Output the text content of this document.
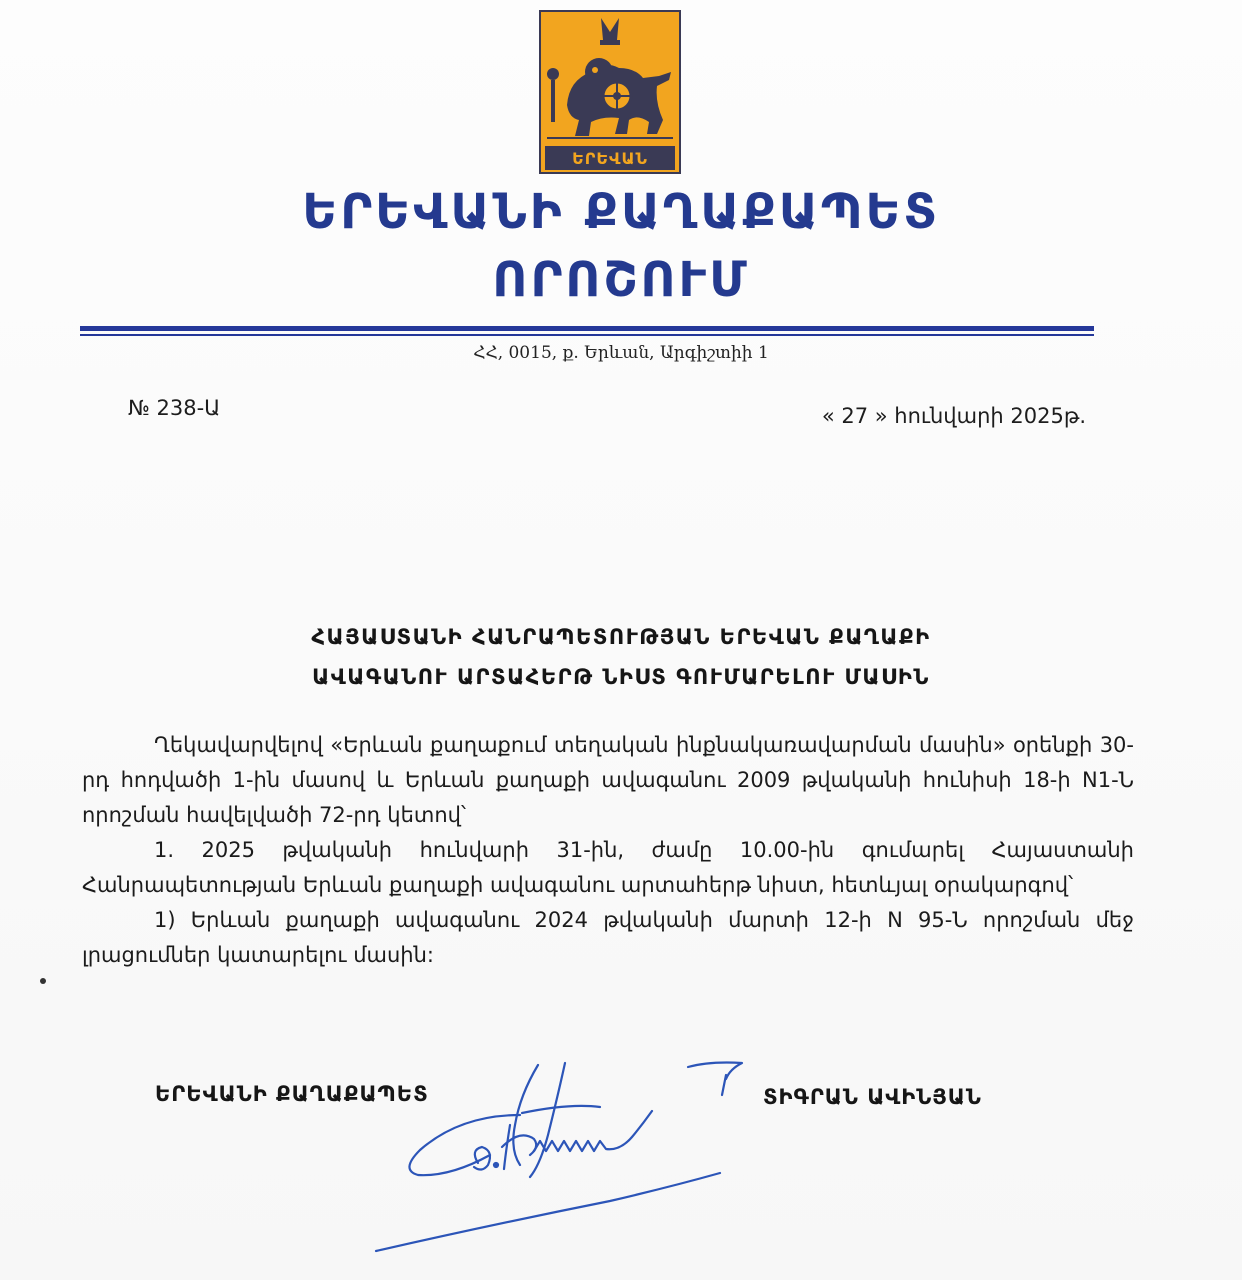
ԵՐԵՎԱՆ
ԵՐԵՎԱՆԻ ՔԱՂԱՔԱՊԵՏ
ՈՐՈՇՈՒՄ
ՀՀ, 0015, ք. Երևան, Արգիշտիի 1
№ 238-Ա	« 27 » հունվարի 2025թ.
ՀԱՅԱՍՏԱՆԻ ՀԱՆՐԱՊԵՏՈՒԹՅԱՆ ԵՐԵՎԱՆ ՔԱՂԱՔԻ
ԱՎԱԳԱՆՈՒ ԱՐՏԱՀԵՐԹ ՆԻՍՏ ԳՈՒՄԱՐԵԼՈՒ ՄԱՍԻՆ
Ղեկավարվելով «Երևան քաղաքում տեղական ինքնակառավարման մասին» օրենքի 30-րդ հոդվածի 1-ին մասով և Երևան քաղաքի ավագանու 2009 թվականի հունիսի 18-ի N1-Ն որոշման հավելվածի 72-րդ կետով՝
1. 2025 թվականի հունվարի 31-ին, ժամը 10.00-ին գումարել Հայաստանի Հանրապետության Երևան քաղաքի ավագանու արտահերթ նիստ, հետևյալ օրակարգով՝
1) Երևան քաղաքի ավագանու 2024 թվականի մարտի 12-ի N 95-Ն որոշման մեջ լրացումներ կատարելու մասին:
ԵՐԵՎԱՆԻ ՔԱՂԱՔԱՊԵՏ	ՏԻԳՐԱՆ ԱՎԻՆՅԱՆ
